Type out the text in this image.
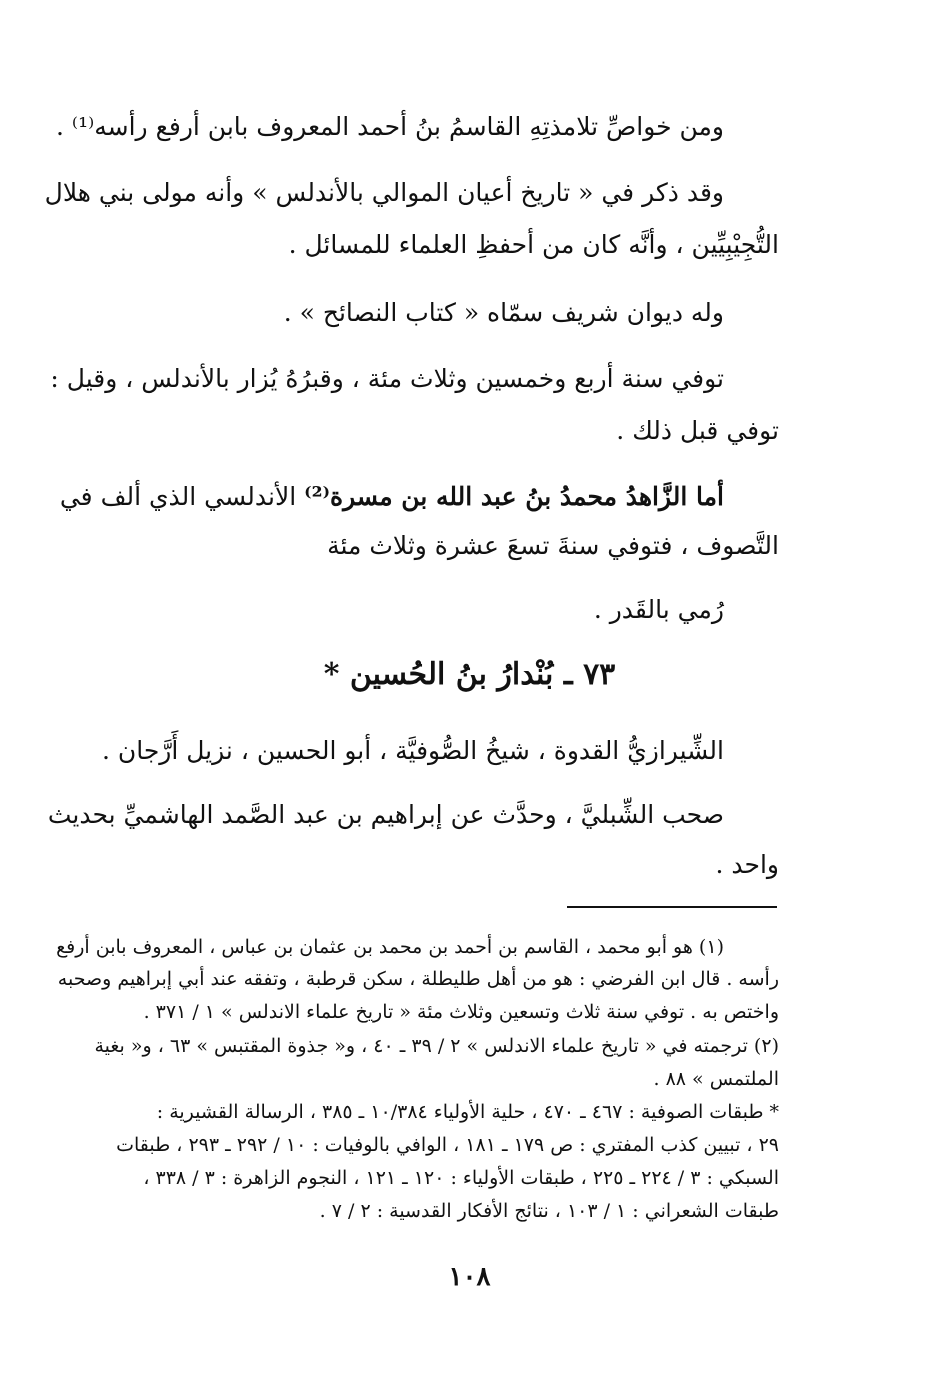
ومن خواصِّ تلامذتِهِ القاسمُ بنُ أحمد المعروف بابن أرفع رأسه⁽¹⁾ .
وقد ذكر في « تاريخ أعيان الموالي بالأندلس » وأنه مولى بني هلال
التُّجِيْبِيِّين ، وأنَّه كان من أحفظِ العلماء للمسائل .
وله ديوان شريف سمّاه « كتاب النصائح » .
توفي سنة أربع وخمسين وثلاث مئة ، وقبرُهُ يُزار بالأندلس ، وقيل :
توفي قبل ذلك .
أما الزَّاهدُ محمدُ بنُ عبد الله بن مسرة⁽²⁾ الأندلسي الذي ألف في
التَّصوف ، فتوفي سنةَ تسعَ عشرة وثلاث مئة
رُمي بالقَدر .
٧٣ ـ بُنْدارُ بنُ الحُسين *
الشِّيرازيُّ القدوة ، شيخُ الصُّوفيَّة ، أبو الحسين ، نزيل أَرَّجان .
صحب الشِّبليَّ ، وحدَّث عن إبراهيم بن عبد الصَّمد الهاشميِّ بحديث
واحد .
(١) هو أبو محمد ، القاسم بن أحمد بن محمد بن عثمان بن عباس ، المعروف بابن أرفع
رأسه . قال ابن الفرضي : هو من أهل طليطلة ، سكن قرطبة ، وتفقه عند أبي إبراهيم وصحبه
واختص به . توفي سنة ثلاث وتسعين وثلاث مئة « تاريخ علماء الاندلس » ١ / ٣٧١ .
(٢) ترجمته في « تاريخ علماء الاندلس » ٢ / ٣٩ ـ ٤٠ ، و« جذوة المقتبس » ٦٣ ، و« بغية
الملتمس » ٨٨ .
* طبقات الصوفية : ٤٦٧ ـ ٤٧٠ ، حلية الأولياء ١٠/٣٨٤ ـ ٣٨٥ ، الرسالة القشيرية :
٢٩ ، تبيين كذب المفتري : ص ١٧٩ ـ ١٨١ ، الوافي بالوفيات : ١٠ / ٢٩٢ ـ ٢٩٣ ، طبقات
السبكي : ٣ / ٢٢٤ ـ ٢٢٥ ، طبقات الأولياء : ١٢٠ ـ ١٢١ ، النجوم الزاهرة : ٣ / ٣٣٨ ،
طبقات الشعراني : ١ / ١٠٣ ، نتائج الأفكار القدسية : ٢ / ٧ .
١٠٨
